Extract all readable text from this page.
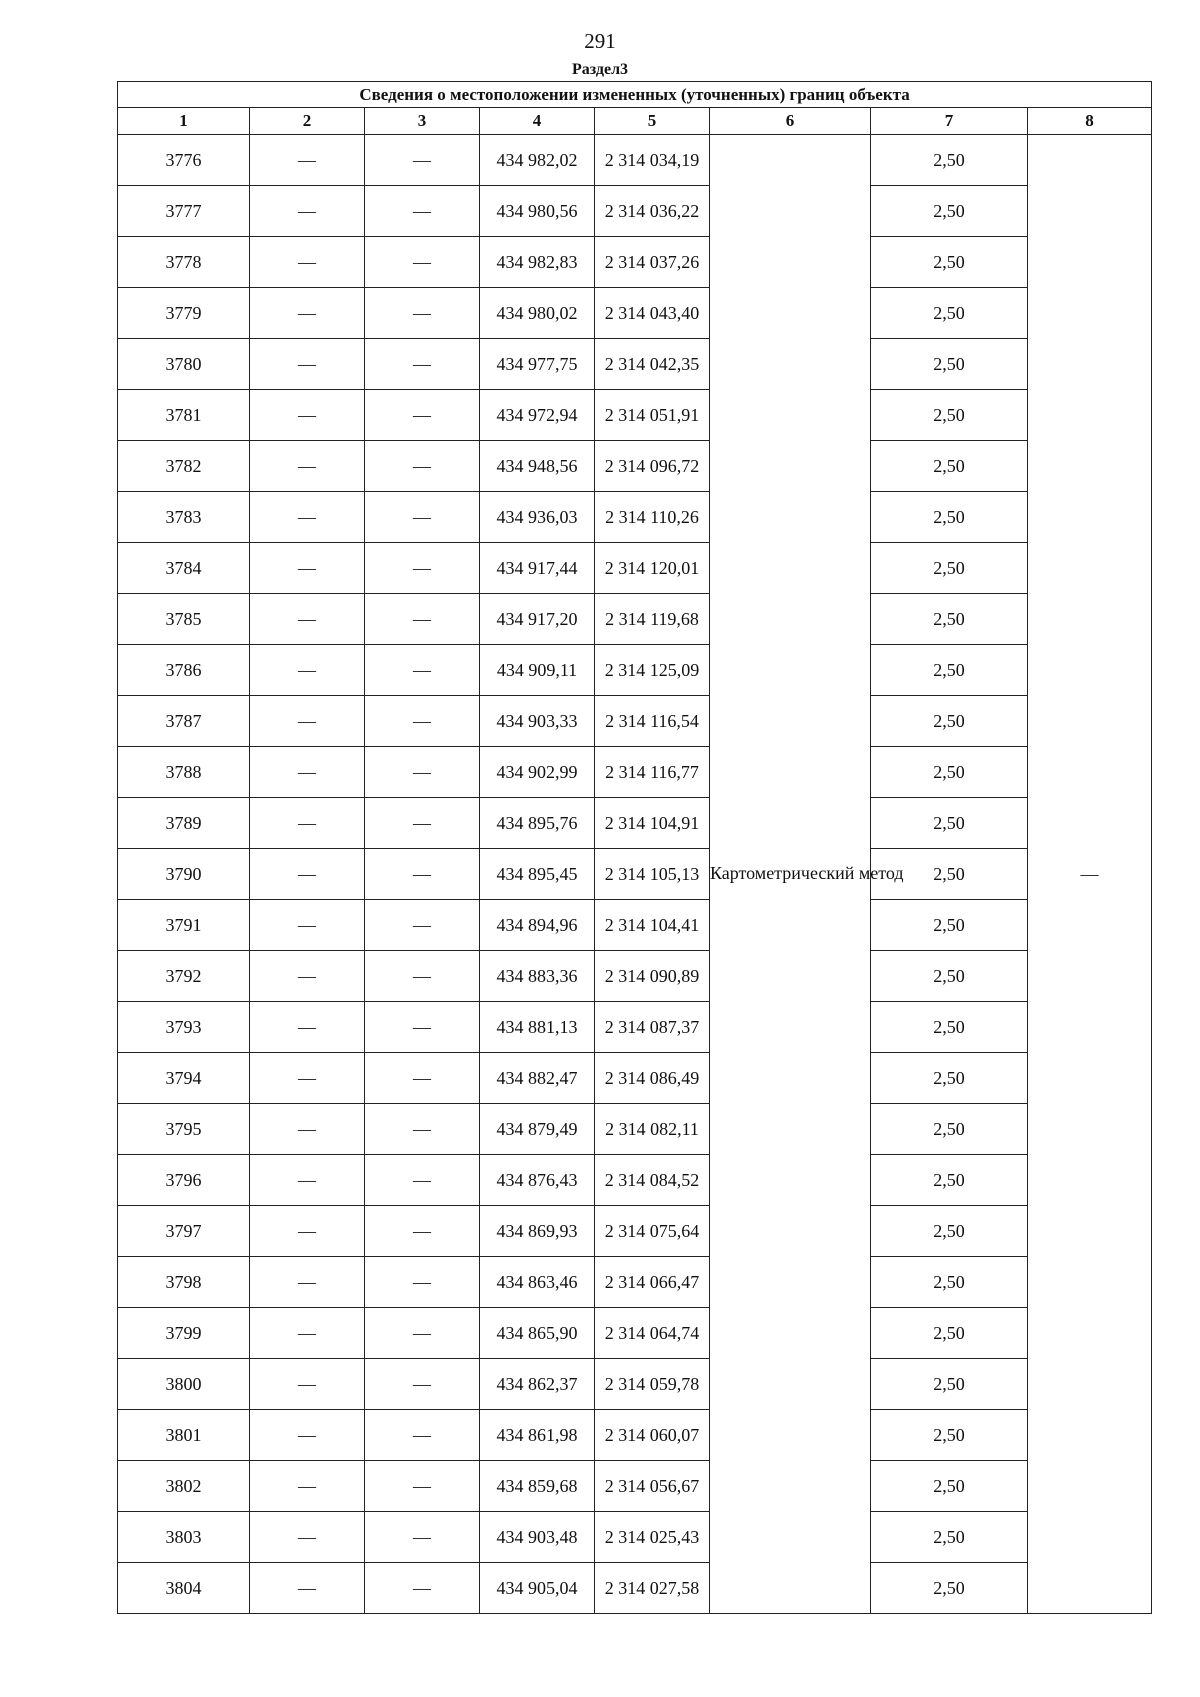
291
Раздел3
Сведения о местоположении измененных (уточненных) границ объекта							
1	2	3	4	5	6	7	8
3776	—	—	434 982,02	2 314 034,19	Картометрический метод	2,50	—
3777	—	—	434 980,56	2 314 036,22		2,50	
3778	—	—	434 982,83	2 314 037,26		2,50	
3779	—	—	434 980,02	2 314 043,40		2,50	
3780	—	—	434 977,75	2 314 042,35		2,50	
3781	—	—	434 972,94	2 314 051,91		2,50	
3782	—	—	434 948,56	2 314 096,72		2,50	
3783	—	—	434 936,03	2 314 110,26		2,50	
3784	—	—	434 917,44	2 314 120,01		2,50	
3785	—	—	434 917,20	2 314 119,68		2,50	
3786	—	—	434 909,11	2 314 125,09		2,50	
3787	—	—	434 903,33	2 314 116,54		2,50	
3788	—	—	434 902,99	2 314 116,77		2,50	
3789	—	—	434 895,76	2 314 104,91		2,50	
3790	—	—	434 895,45	2 314 105,13		2,50	
3791	—	—	434 894,96	2 314 104,41		2,50	
3792	—	—	434 883,36	2 314 090,89		2,50	
3793	—	—	434 881,13	2 314 087,37		2,50	
3794	—	—	434 882,47	2 314 086,49		2,50	
3795	—	—	434 879,49	2 314 082,11		2,50	
3796	—	—	434 876,43	2 314 084,52		2,50	
3797	—	—	434 869,93	2 314 075,64		2,50	
3798	—	—	434 863,46	2 314 066,47		2,50	
3799	—	—	434 865,90	2 314 064,74		2,50	
3800	—	—	434 862,37	2 314 059,78		2,50	
3801	—	—	434 861,98	2 314 060,07		2,50	
3802	—	—	434 859,68	2 314 056,67		2,50	
3803	—	—	434 903,48	2 314 025,43		2,50	
3804	—	—	434 905,04	2 314 027,58		2,50	
